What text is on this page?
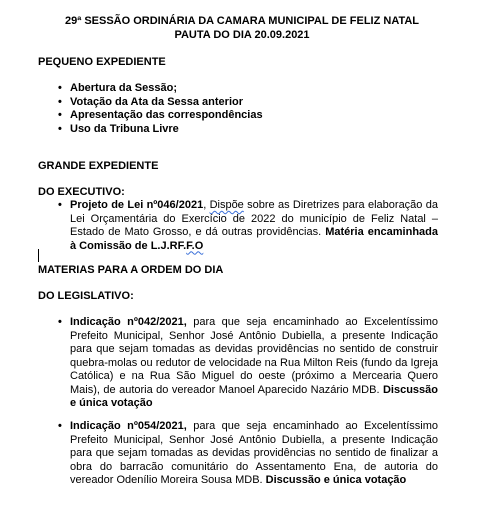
29ª SESSÃO ORDINÁRIA DA CAMARA MUNICIPAL DE FELIZ NATAL
PAUTA DO DIA 20.09.2021
PEQUENO EXPEDIENTE
• Abertura da Sessão;
• Votação da Ata da Sessa anterior
• Apresentação das correspondências
• Uso da Tribuna Livre
GRANDE EXPEDIENTE
DO EXECUTIVO:
• Projeto de Lei nº046/2021, Dispõe sobre as Diretrizes para elaboração da Lei Orçamentária do Exercício de 2022 do município de Feliz Natal – Estado de Mato Grosso, e dá outras providências. Matéria encaminhada à Comissão de L.J.RF.F.O
MATERIAS PARA A ORDEM DO DIA
DO LEGISLATIVO:
• Indicação nº042/2021, para que seja encaminhado ao Excelentíssimo Prefeito Municipal, Senhor José Antônio Dubiella, a presente Indicação para que sejam tomadas as devidas providências no sentido de construir quebra-molas ou redutor de velocidade na Rua Milton Reis (fundo da Igreja Católica) e na Rua São Miguel do oeste (próximo a Mercearia Quero Mais), de autoria do vereador Manoel Aparecido Nazário MDB. Discussão e única votação
• Indicação nº054/2021, para que seja encaminhado ao Excelentíssimo Prefeito Municipal, Senhor José Antônio Dubiella, a presente Indicação para que sejam tomadas as devidas providências no sentido de finalizar a obra do barracão comunitário do Assentamento Ena, de autoria do vereador Odenílio Moreira Sousa MDB. Discussão e única votação
